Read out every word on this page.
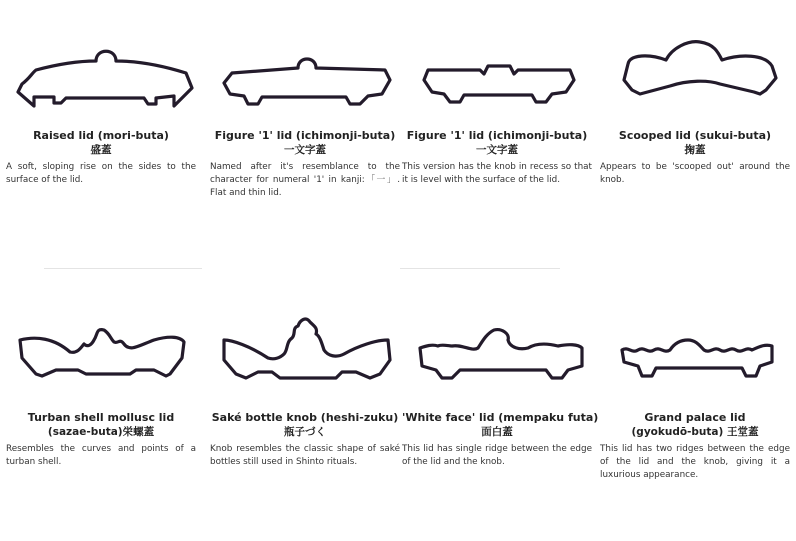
Raised lid (mori-buta)
盛蓋
A soft, sloping rise on the sides to the surface of the lid.
Figure '1' lid (ichimonji-buta)
一文字蓋
Named after it's resemblance to the character for numeral '1' in kanji:「一」. Flat and thin lid.
Figure '1' lid (ichimonji-buta)
一文字蓋
This version has the knob in recess so that it is level with the surface of the lid.
Scooped lid (sukui-buta)
掬蓋
Appears to be 'scooped out' around the knob.
Turban shell mollusc lid
(sazae-buta)栄螺蓋
Resembles the curves and points of a turban shell.
Saké bottle knob (heshi-zuku)
瓶子づく
Knob resembles the classic shape of saké bottles still used in Shinto rituals.
'White face' lid (mempaku futa)
面白蓋
This lid has single ridge between the edge of the lid and the knob.
Grand palace lid
(gyokudō-buta) 王堂蓋
This lid has two ridges between the edge of the lid and the knob, giving it a luxurious appearance.
